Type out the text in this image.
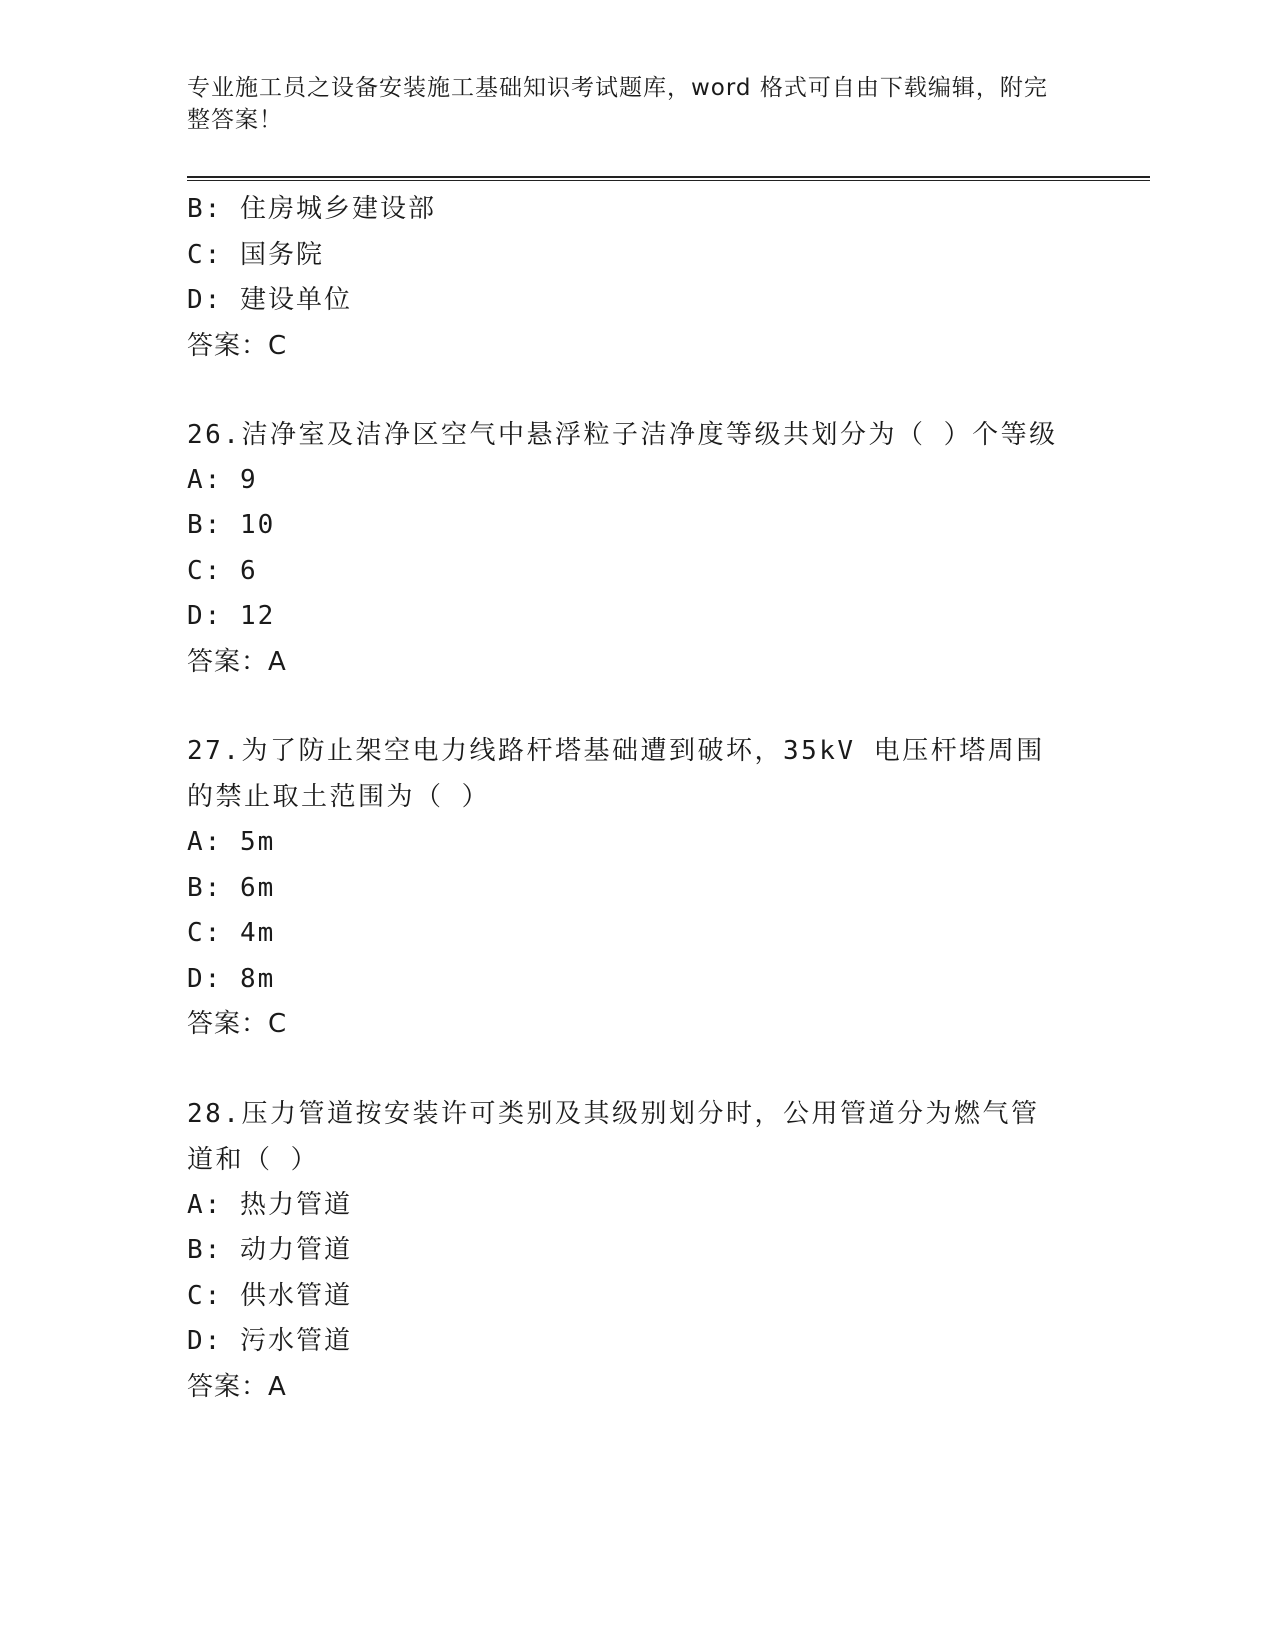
专业施工员之设备安装施工基础知识考试题库，word 格式可自由下载编辑，附完整答案！
B: 住房城乡建设部
C: 国务院
D: 建设单位
答案：C
26.洁净室及洁净区空气中悬浮粒子洁净度等级共划分为（ ）个等级
A: 9
B: 10
C: 6
D: 12
答案：A
27.为了防止架空电力线路杆塔基础遭到破坏，35kV 电压杆塔周围的禁止取土范围为（ ）
A: 5m
B: 6m
C: 4m
D: 8m
答案：C
28.压力管道按安装许可类别及其级别划分时，公用管道分为燃气管道和（ ）
A: 热力管道
B: 动力管道
C: 供水管道
D: 污水管道
答案：A
